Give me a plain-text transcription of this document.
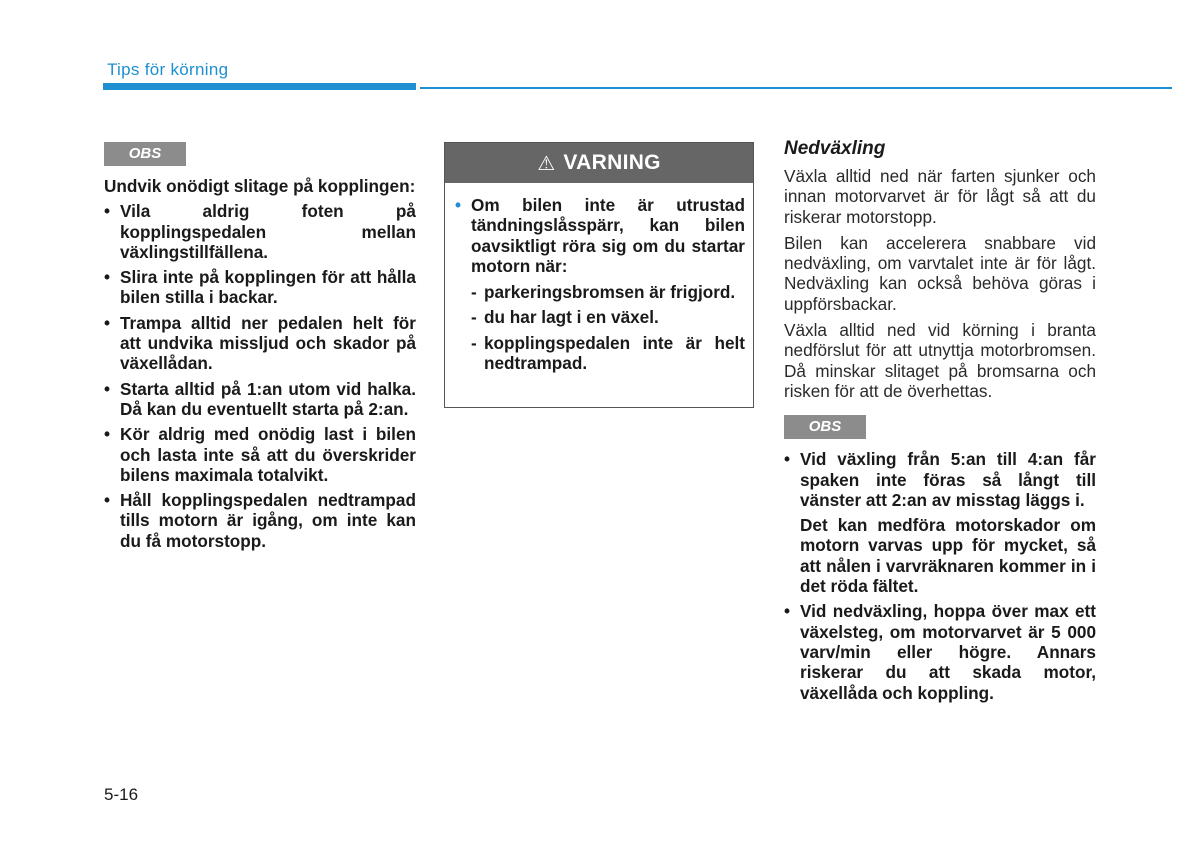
Tips för körning
OBS

Undvik onödigt slitage på kopplingen:

• Vila aldrig foten på kopplingspedalen mellan växlingstillfällena.
• Slira inte på kopplingen för att hålla bilen stilla i backar.
• Trampa alltid ner pedalen helt för att undvika missljud och skador på växellådan.
• Starta alltid på 1:an utom vid halka. Då kan du eventuellt starta på 2:an.
• Kör aldrig med onödig last i bilen och lasta inte så att du överskrider bilens maximala totalvikt.
• Håll kopplingspedalen nedtrampad tills motorn är igång, om inte kan du få motorstopp.
⚠ VARNING
• Om bilen inte är utrustad tändningslåsspärr, kan bilen oavsiktligt röra sig om du startar motorn när:
- parkeringsbromsen är frigjord.
- du har lagt i en växel.
- kopplingspedalen inte är helt nedtrampad.
Nedväxling

Växla alltid ned när farten sjunker och innan motorvarvet är för lågt så att du riskerar motorstopp.

Bilen kan accelerera snabbare vid nedväxling, om varvtalet inte är för lågt. Nedväxling kan också behöva göras i uppförsbackar.

Växla alltid ned vid körning i branta nedförslut för att utnyttja motorbromsen. Då minskar slitaget på bromsarna och risken för att de överhettas.

OBS
• Vid växling från 5:an till 4:an får spaken inte föras så långt till vänster att 2:an av misstag läggs i.

Det kan medföra motorskador om motorn varvas upp för mycket, så att nålen i varvräknaren kommer in i det röda fältet.

• Vid nedväxling, hoppa över max ett växelsteg, om motorvarvet är 5 000 varv/min eller högre. Annars riskerar du att skada motor, växellåda och koppling.
5-16
